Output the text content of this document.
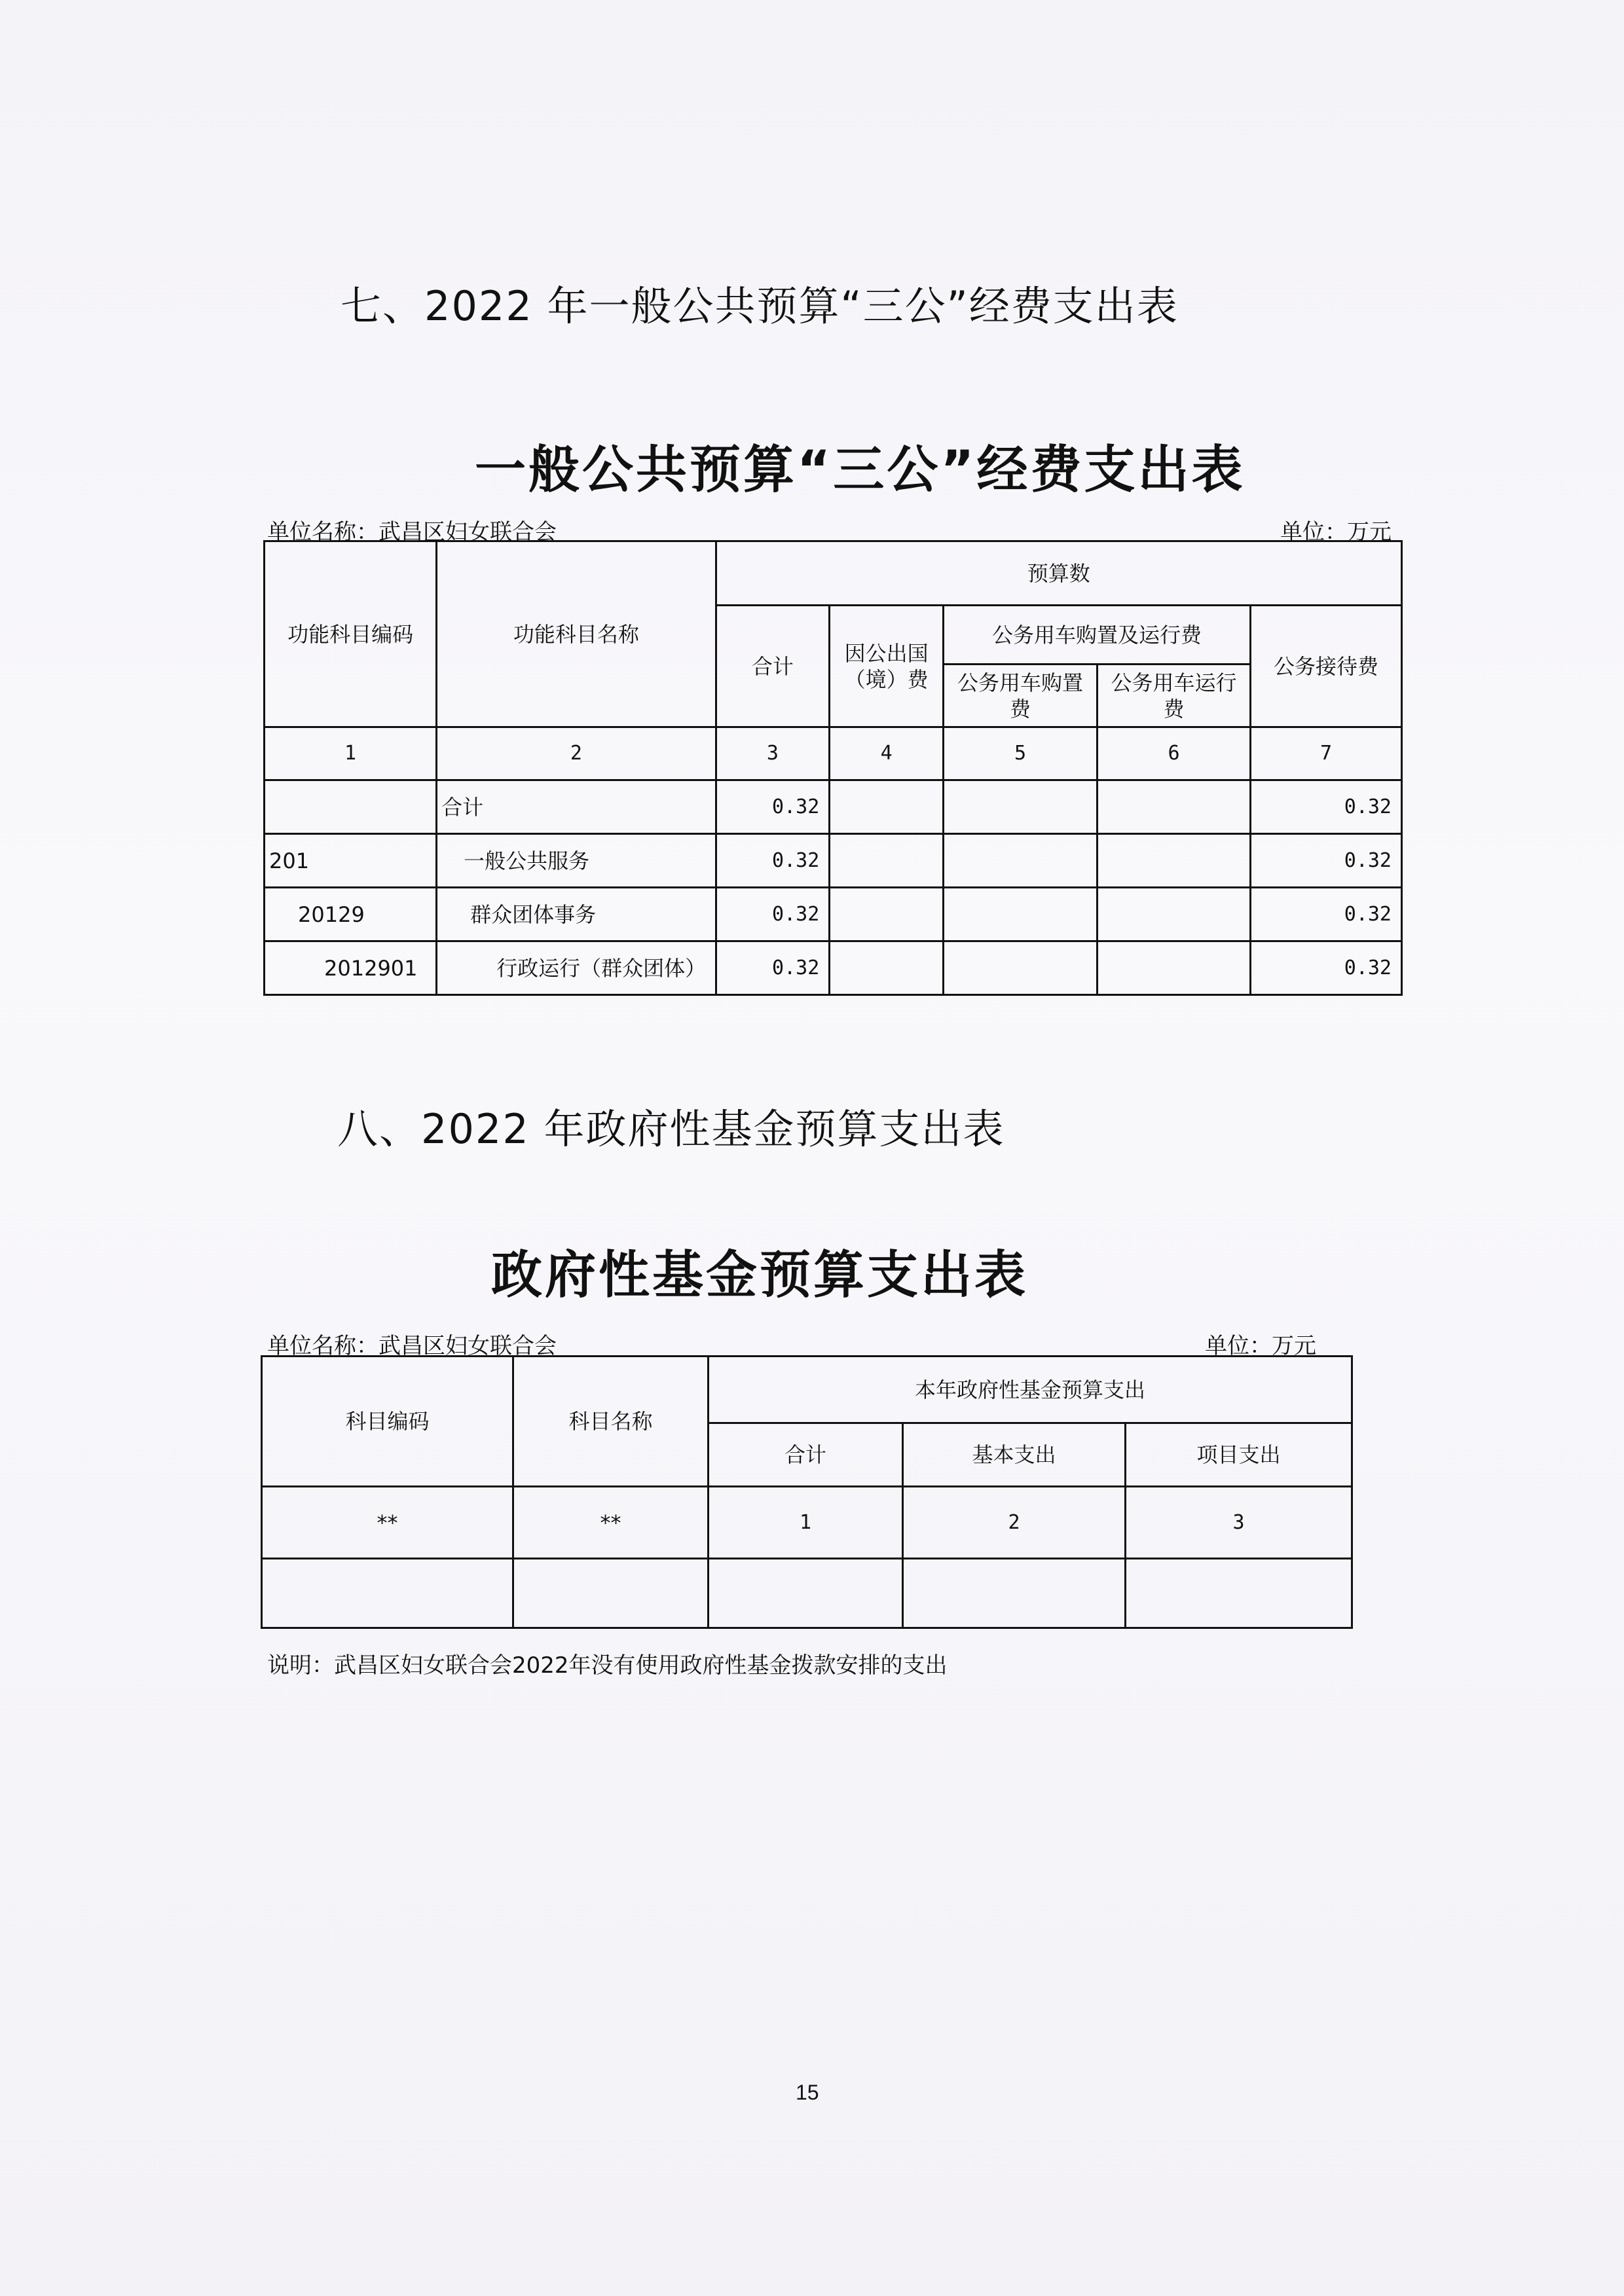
七、2022 年一般公共预算“三公”经费支出表
一般公共预算“三公”经费支出表
单位名称：武昌区妇女联合会	单位：万元
功能科目编码	功能科目名称	预算数				
		合计	因公出国（境）费	公务用车购置及运行费		公务接待费
				公务用车购置费	公务用车运行费	
1	2	3	4	5	6	7
	合计	0.32				0.32
201	一般公共服务	0.32				0.32
20129	群众团体事务	0.32				0.32
2012901	行政运行（群众团体）	0.32				0.32
八、2022 年政府性基金预算支出表
政府性基金预算支出表
单位名称：武昌区妇女联合会	单位：万元
科目编码	科目名称	本年政府性基金预算支出		
		合计	基本支出	项目支出
**	**	1	2	3

说明：武昌区妇女联合会2022年没有使用政府性基金拨款安排的支出
15
